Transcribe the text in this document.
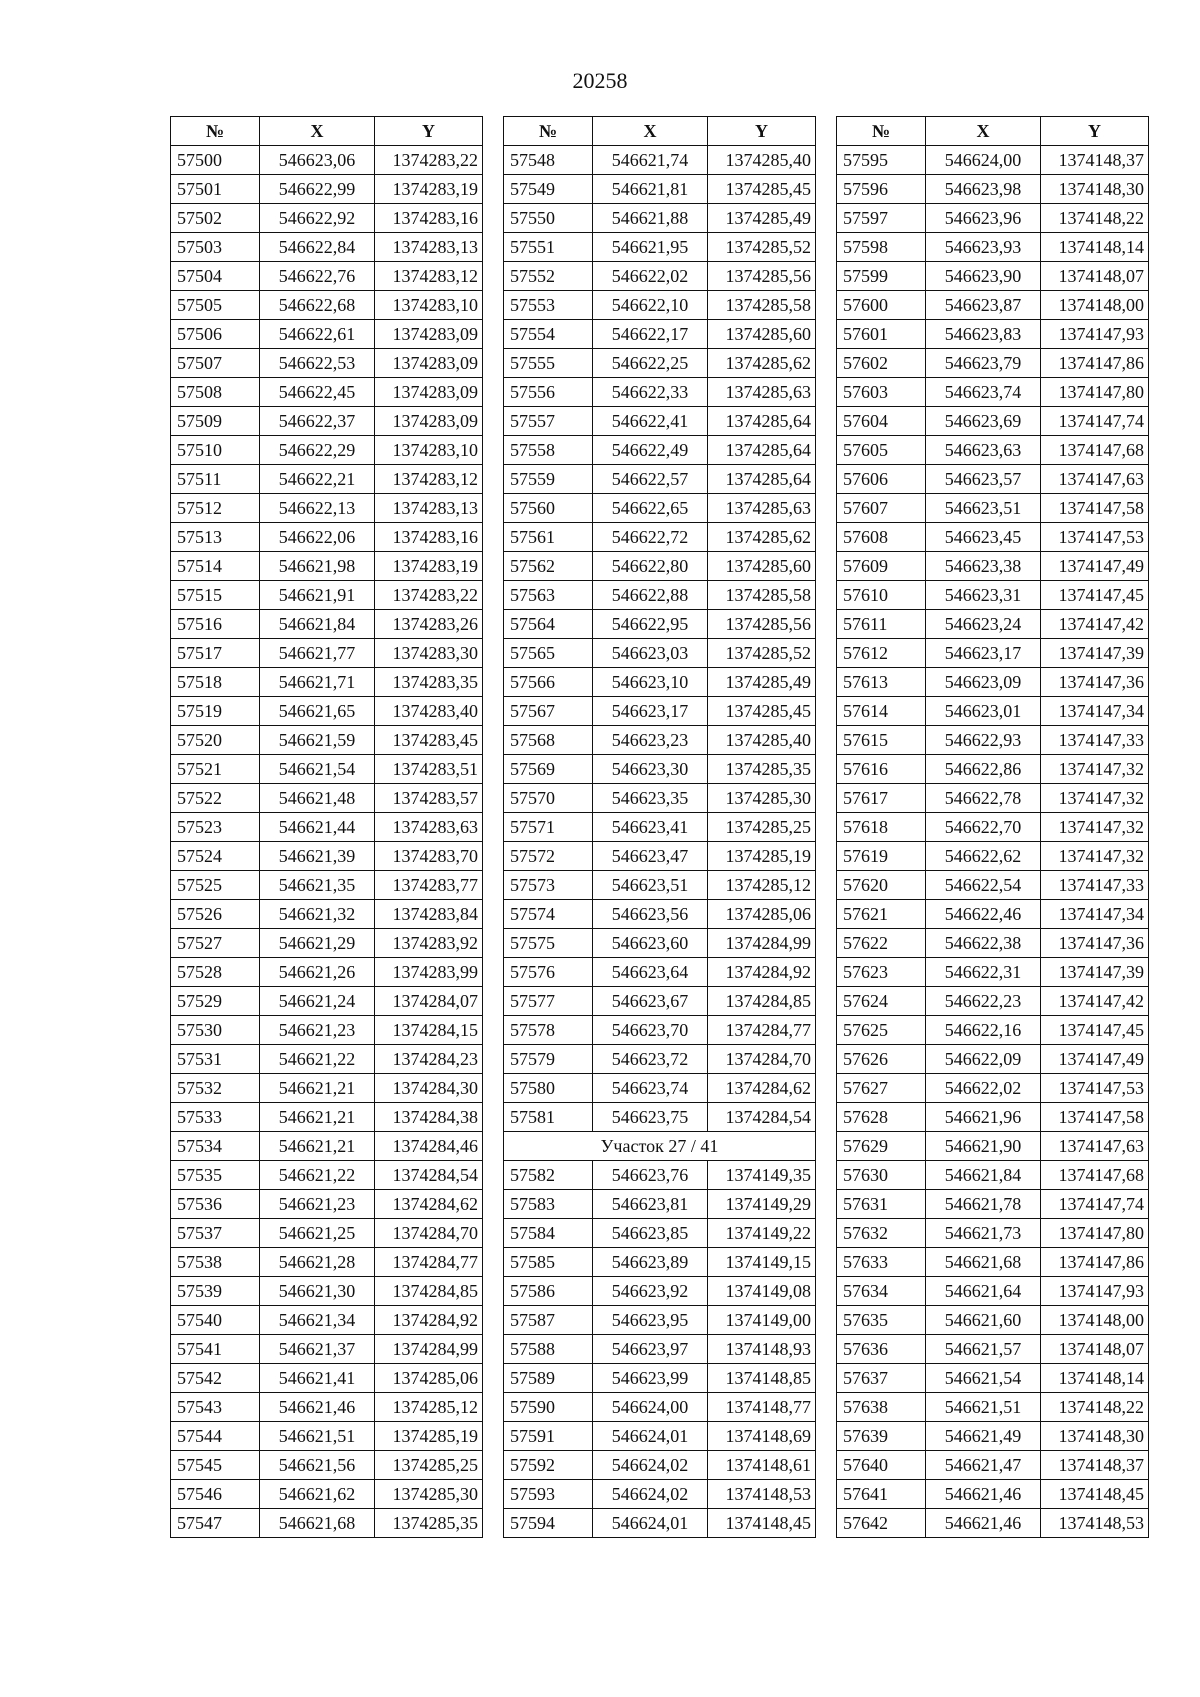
20258
№	X	Y
57500	546623,06	1374283,22
57501	546622,99	1374283,19
57502	546622,92	1374283,16
57503	546622,84	1374283,13
57504	546622,76	1374283,12
57505	546622,68	1374283,10
57506	546622,61	1374283,09
57507	546622,53	1374283,09
57508	546622,45	1374283,09
57509	546622,37	1374283,09
57510	546622,29	1374283,10
57511	546622,21	1374283,12
57512	546622,13	1374283,13
57513	546622,06	1374283,16
57514	546621,98	1374283,19
57515	546621,91	1374283,22
57516	546621,84	1374283,26
57517	546621,77	1374283,30
57518	546621,71	1374283,35
57519	546621,65	1374283,40
57520	546621,59	1374283,45
57521	546621,54	1374283,51
57522	546621,48	1374283,57
57523	546621,44	1374283,63
57524	546621,39	1374283,70
57525	546621,35	1374283,77
57526	546621,32	1374283,84
57527	546621,29	1374283,92
57528	546621,26	1374283,99
57529	546621,24	1374284,07
57530	546621,23	1374284,15
57531	546621,22	1374284,23
57532	546621,21	1374284,30
57533	546621,21	1374284,38
57534	546621,21	1374284,46
57535	546621,22	1374284,54
57536	546621,23	1374284,62
57537	546621,25	1374284,70
57538	546621,28	1374284,77
57539	546621,30	1374284,85
57540	546621,34	1374284,92
57541	546621,37	1374284,99
57542	546621,41	1374285,06
57543	546621,46	1374285,12
57544	546621,51	1374285,19
57545	546621,56	1374285,25
57546	546621,62	1374285,30
57547	546621,68	1374285,35
№	X	Y
57548	546621,74	1374285,40
57549	546621,81	1374285,45
57550	546621,88	1374285,49
57551	546621,95	1374285,52
57552	546622,02	1374285,56
57553	546622,10	1374285,58
57554	546622,17	1374285,60
57555	546622,25	1374285,62
57556	546622,33	1374285,63
57557	546622,41	1374285,64
57558	546622,49	1374285,64
57559	546622,57	1374285,64
57560	546622,65	1374285,63
57561	546622,72	1374285,62
57562	546622,80	1374285,60
57563	546622,88	1374285,58
57564	546622,95	1374285,56
57565	546623,03	1374285,52
57566	546623,10	1374285,49
57567	546623,17	1374285,45
57568	546623,23	1374285,40
57569	546623,30	1374285,35
57570	546623,35	1374285,30
57571	546623,41	1374285,25
57572	546623,47	1374285,19
57573	546623,51	1374285,12
57574	546623,56	1374285,06
57575	546623,60	1374284,99
57576	546623,64	1374284,92
57577	546623,67	1374284,85
57578	546623,70	1374284,77
57579	546623,72	1374284,70
57580	546623,74	1374284,62
57581	546623,75	1374284,54
Участок 27 / 41		
57582	546623,76	1374149,35
57583	546623,81	1374149,29
57584	546623,85	1374149,22
57585	546623,89	1374149,15
57586	546623,92	1374149,08
57587	546623,95	1374149,00
57588	546623,97	1374148,93
57589	546623,99	1374148,85
57590	546624,00	1374148,77
57591	546624,01	1374148,69
57592	546624,02	1374148,61
57593	546624,02	1374148,53
57594	546624,01	1374148,45
№	X	Y
57595	546624,00	1374148,37
57596	546623,98	1374148,30
57597	546623,96	1374148,22
57598	546623,93	1374148,14
57599	546623,90	1374148,07
57600	546623,87	1374148,00
57601	546623,83	1374147,93
57602	546623,79	1374147,86
57603	546623,74	1374147,80
57604	546623,69	1374147,74
57605	546623,63	1374147,68
57606	546623,57	1374147,63
57607	546623,51	1374147,58
57608	546623,45	1374147,53
57609	546623,38	1374147,49
57610	546623,31	1374147,45
57611	546623,24	1374147,42
57612	546623,17	1374147,39
57613	546623,09	1374147,36
57614	546623,01	1374147,34
57615	546622,93	1374147,33
57616	546622,86	1374147,32
57617	546622,78	1374147,32
57618	546622,70	1374147,32
57619	546622,62	1374147,32
57620	546622,54	1374147,33
57621	546622,46	1374147,34
57622	546622,38	1374147,36
57623	546622,31	1374147,39
57624	546622,23	1374147,42
57625	546622,16	1374147,45
57626	546622,09	1374147,49
57627	546622,02	1374147,53
57628	546621,96	1374147,58
57629	546621,90	1374147,63
57630	546621,84	1374147,68
57631	546621,78	1374147,74
57632	546621,73	1374147,80
57633	546621,68	1374147,86
57634	546621,64	1374147,93
57635	546621,60	1374148,00
57636	546621,57	1374148,07
57637	546621,54	1374148,14
57638	546621,51	1374148,22
57639	546621,49	1374148,30
57640	546621,47	1374148,37
57641	546621,46	1374148,45
57642	546621,46	1374148,53
